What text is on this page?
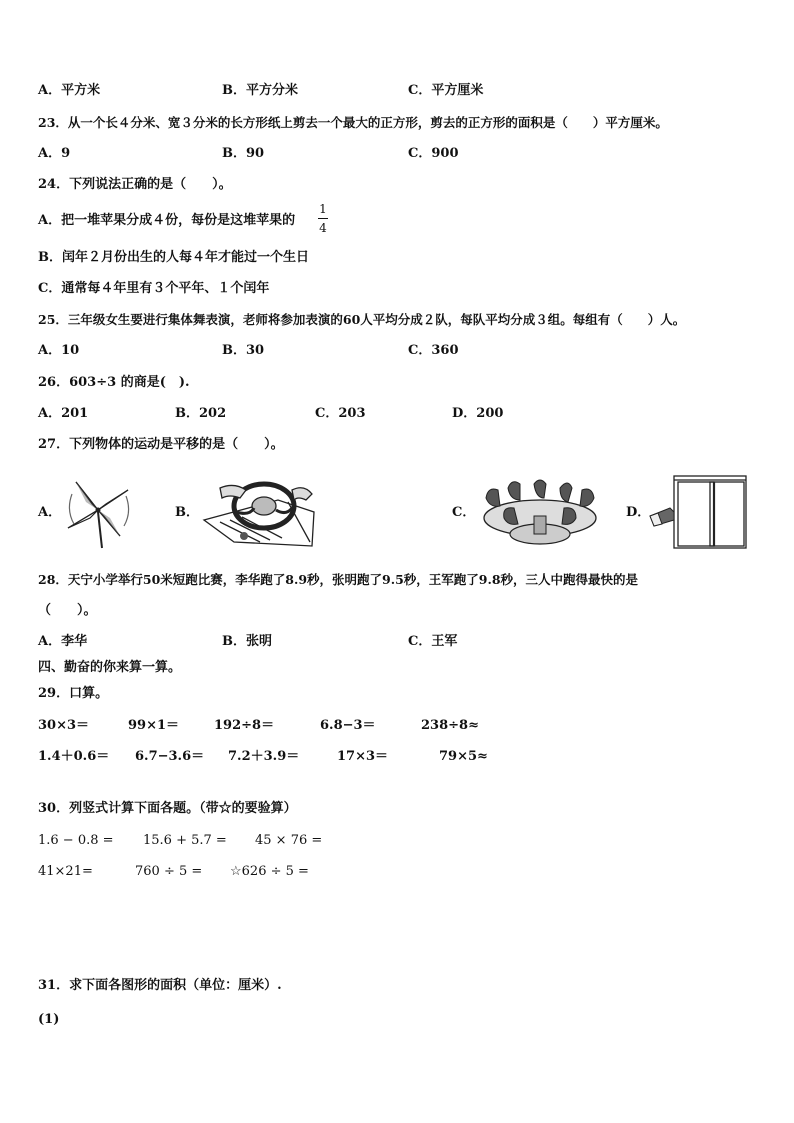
A．平方米	B．平方分米	C．平方厘米
23．从一个长４分米、宽３分米的长方形纸上剪去一个最大的正方形，剪去的正方形的面积是（　　）平方厘米。
A．9	B．90	C．900
24．下列说法正确的是（　　）。
A．把一堆苹果分成４份，每份是这堆苹果的
1
4
B．闰年２月份出生的人每４年才能过一个生日
C．通常每４年里有３个平年、１个闰年
25．三年级女生要进行集体舞表演，老师将参加表演的60人平均分成２队，每队平均分成３组。每组有（　　）人。
A．10	B．30	C．360
26．603÷3 的商是(　).
A．201	B．202	C．203	D．200
27．下列物体的运动是平移的是（　　）。
A．	B．	C．	D．
28．天宁小学举行50米短跑比赛，李华跑了8.9秒，张明跑了9.5秒，王军跑了9.8秒，三人中跑得最快的是
（　　）。
A．李华	B．张明	C．王军
四、勤奋的你来算一算。
29．口算。
30×3＝	99×1＝	192÷8＝	6.8−3＝	238÷8≈
1.4＋0.6＝ 6.7−3.6＝ 7.2＋3.9＝	17×3＝	79×5≈
30．列竖式计算下面各题。（带☆的要验算）
1.6 − 0.8 = 15.6 + 5.7 = 45 × 76 =
41×21=	760 ÷ 5 = ☆626 ÷ 5 =
31．求下面各图形的面积（单位：厘米）.
(1)
